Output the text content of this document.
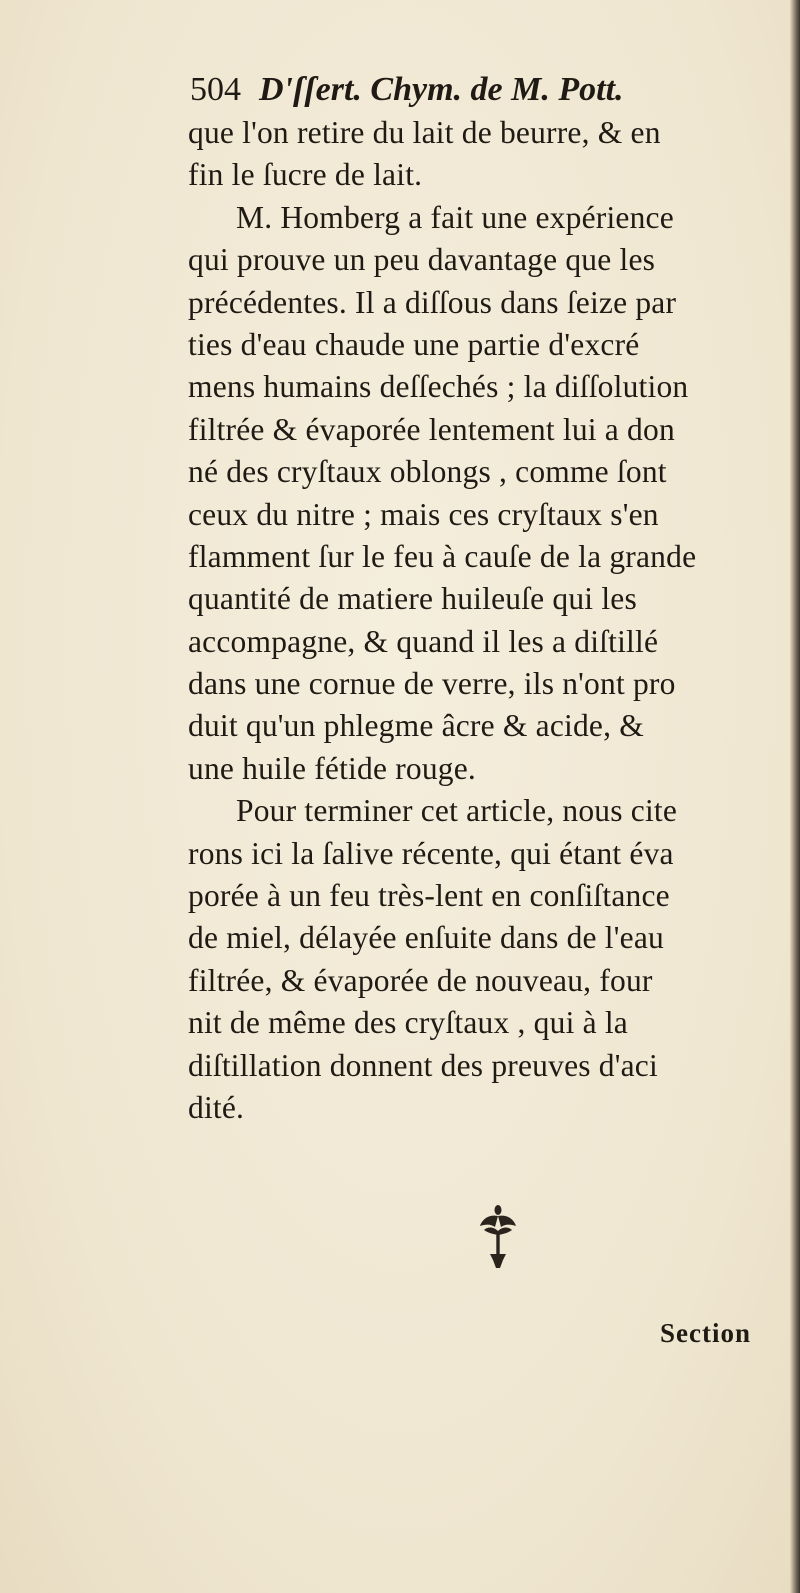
504 D'ſſert. Chym. de M. Pott.
que l'on retire du lait de beurre, & en
fin le ſucre de lait.
M. Homberg a fait une expérience
qui prouve un peu davantage que les
précédentes. Il a diſſous dans ſeize par
ties d'eau chaude une partie d'excré
mens humains deſſechés ; la diſſolution
filtrée & évaporée lentement lui a don
né des cryſtaux oblongs , comme ſont
ceux du nitre ; mais ces cryſtaux s'en
flamment ſur le feu à cauſe de la grande
quantité de matiere huileuſe qui les
accompagne, & quand il les a diſtillé
dans une cornue de verre, ils n'ont pro
duit qu'un phlegme âcre & acide, &
une huile fétide rouge.
Pour terminer cet article, nous cite
rons ici la ſalive récente, qui étant éva
porée à un feu très-lent en conſiſtance
de miel, délayée enſuite dans de l'eau
filtrée, & évaporée de nouveau, four
nit de même des cryſtaux , qui à la
diſtillation donnent des preuves d'aci
dité.
Section
